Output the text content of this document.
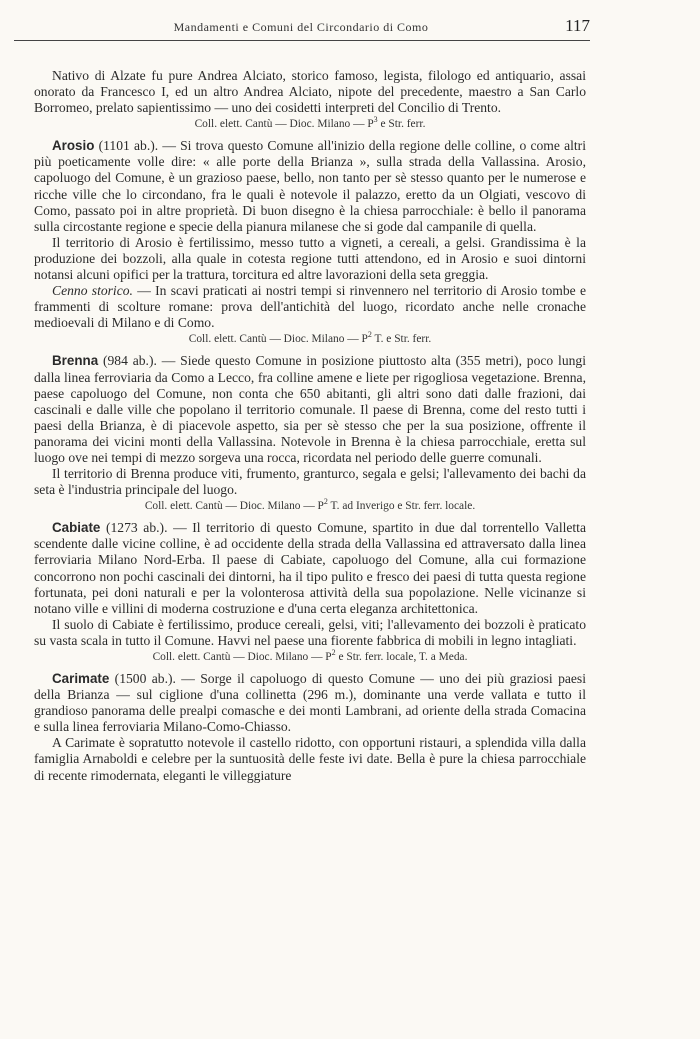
Mandamenti e Comuni del Circondario di Como	117

Nativo di Alzate fu pure Andrea Alciato, storico famoso, legista, filologo ed antiquario, assai onorato da Francesco I, ed un altro Andrea Alciato, nipote del precedente, maestro a San Carlo Borromeo, prelato sapientissimo — uno dei cosidetti interpreti del Concilio di Trento.

Coll. elett. Cantù — Dioc. Milano — $P^3$ e Str. ferr.

Arosio (1101 ab.). — Si trova questo Comune all'inizio della regione delle colline, o come altri più poeticamente volle dire: « alle porte della Brianza », sulla strada della Vallassina. Arosio, capoluogo del Comune, è un grazioso paese, bello, non tanto per sè stesso quanto per le numerose e ricche ville che lo circondano, fra le quali è notevole il palazzo, eretto da un Olgiati, vescovo di Como, passato poi in altre proprietà. Di buon disegno è la chiesa parrocchiale: è bello il panorama sulla circostante regione e specie della pianura milanese che si gode dal campanile di quella.

Il territorio di Arosio è fertilissimo, messo tutto a vigneti, a cereali, a gelsi. Grandissima è la produzione dei bozzoli, alla quale in cotesta regione tutti attendono, ed in Arosio e suoi dintorni notansi alcuni opifici per la trattura, torcitura ed altre lavorazioni della seta greggia.

Cenno storico. — In scavi praticati ai nostri tempi si rinvennero nel territorio di Arosio tombe e frammenti di scolture romane: prova dell'antichità del luogo, ricordato anche nelle cronache medioevali di Milano e di Como.

Coll. elett. Cantù — Dioc. Milano — $P^2$ T. e Str. ferr.

Brenna (984 ab.). — Siede questo Comune in posizione piuttosto alta (355 metri), poco lungi dalla linea ferroviaria da Como a Lecco, fra colline amene e liete per rigogliosa vegetazione. Brenna, paese capoluogo del Comune, non conta che 650 abitanti, gli altri sono dati dalle frazioni, dai cascinali e dalle ville che popolano il territorio comunale. Il paese di Brenna, come del resto tutti i paesi della Brianza, è di piacevole aspetto, sia per sè stesso che per la sua posizione, offrente il panorama dei vicini monti della Vallassina. Notevole in Brenna è la chiesa parrocchiale, eretta sul luogo ove nei tempi di mezzo sorgeva una rocca, ricordata nel periodo delle guerre comunali.

Il territorio di Brenna produce viti, frumento, granturco, segala e gelsi; l'allevamento dei bachi da seta è l'industria principale del luogo.

Coll. elett. Cantù — Dioc. Milano — $P^2$ T. ad Inverigo e Str. ferr. locale.

Cabiate (1273 ab.). — Il territorio di questo Comune, spartito in due dal torrentello Valletta scendente dalle vicine colline, è ad occidente della strada della Vallassina ed attraversato dalla linea ferroviaria Milano Nord-Erba. Il paese di Cabiate, capoluogo del Comune, alla cui formazione concorrono non pochi cascinali dei dintorni, ha il tipo pulito e fresco dei paesi di tutta questa regione fortunata, pei doni naturali e per la volonterosa attività della sua popolazione. Nelle vicinanze si notano ville e villini di moderna costruzione e d'una certa eleganza architettonica.

Il suolo di Cabiate è fertilissimo, produce cereali, gelsi, viti; l'allevamento dei bozzoli è praticato su vasta scala in tutto il Comune. Havvi nel paese una fiorente fabbrica di mobili in legno intagliati.

Coll. elett. Cantù — Dioc. Milano — $P^2$ e Str. ferr. locale, T. a Meda.

Carimate (1500 ab.). — Sorge il capoluogo di questo Comune — uno dei più graziosi paesi della Brianza — sul ciglione d'una collinetta (296 m.), dominante una verde vallata e tutto il grandioso panorama delle prealpi comasche e dei monti Lambrani, ad oriente della strada Comacina e sulla linea ferroviaria Milano-Como-Chiasso.

A Carimate è sopratutto notevole il castello ridotto, con opportuni ristauri, a splendida villa dalla famiglia Arnaboldi e celebre per la suntuosità delle feste ivi date. Bella è pure la chiesa parrocchiale di recente rimodernata, eleganti le villeggiature
